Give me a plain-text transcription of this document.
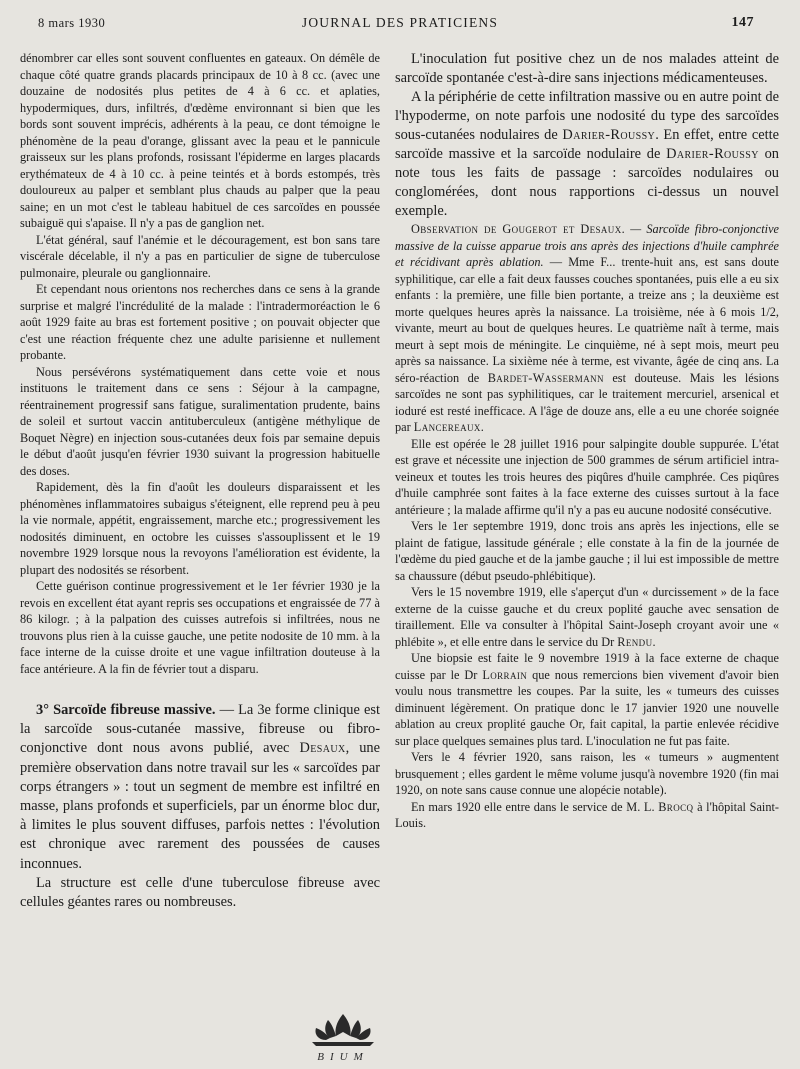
8 mars 1930	JOURNAL DES PRATICIENS	147

dénombrer car elles sont souvent confluentes en gateaux. On démêle de chaque côté quatre grands placards principaux de 10 à 8 cc. (avec une douzaine de nodosités plus petites de 4 à 6 cc. et aplaties, hypodermiques, durs, infiltrés, d'œdème environnant si bien que les bords sont souvent imprécis, adhérents à la peau, ce dont témoigne le phénomène de la peau d'orange, glissant avec la peau et le pannicule graisseux sur les plans profonds, rosissant l'épiderme en larges placards erythémateux de 4 à 10 cc. à peine teintés et à bords estompés, très douloureux au palper et semblant plus chauds au palper que la peau saine; en un mot c'est le tableau habituel de ces sarcoïdes en poussée subaiguë qui s'apaise. Il n'y a pas de ganglion net.

L'état général, sauf l'anémie et le découragement, est bon sans tare viscérale décelable, il n'y a pas en particulier de signe de tuberculose pulmonaire, pleurale ou ganglionnaire.

Et cependant nous orientons nos recherches dans ce sens à la grande surprise et malgré l'incrédulité de la malade : l'intradermoréaction le 6 août 1929 faite au bras est fortement positive ; on pouvait objecter que c'est une réaction fréquente chez une adulte parisienne et nullement probante.

Nous persévérons systématiquement dans cette voie et nous instituons le traitement dans ce sens : Séjour à la campagne, réentrainement progressif sans fatigue, suralimentation prudente, bains de soleil et surtout vaccin antituberculeux (antigène méthylique de Boquet Nègre) en injection sous-cutanées deux fois par semaine depuis le début d'août jusqu'en février 1930 suivant la progression habituelle des doses.

Rapidement, dès la fin d'août les douleurs disparaissent et les phénomènes inflammatoires subaigus s'éteignent, elle reprend peu à peu la vie normale, appétit, engraissement, marche etc.; progressivement les nodosités diminuent, en octobre les cuisses s'assouplissent et le 19 novembre 1929 lorsque nous la revoyons l'amélioration est évidente, la plupart des nodosités se résorbent.

Cette guérison continue progressivement et le 1er février 1930 je la revois en excellent état ayant repris ses occupations et engraissée de 77 à 86 kilogr. ; à la palpation des cuisses autrefois si infiltrées, nous ne trouvons plus rien à la cuisse gauche, une petite nodosite de 10 mm. à la face interne de la cuisse droite et une vague infiltration douteuse à la face antérieure. A la fin de février tout a disparu.

3° Sarcoïde fibreuse massive. — La 3e forme clinique est la sarcoïde sous-cutanée massive, fibreuse ou fibro-conjonctive dont nous avons publié, avec Desaux, une première observation dans notre travail sur les « sarcoïdes par corps étrangers » : tout un segment de membre est infiltré en masse, plans profonds et superficiels, par un énorme bloc dur, à limites le plus souvent diffuses, parfois nettes : l'évolution est chronique avec rarement des poussées de causes inconnues.

La structure est celle d'une tuberculose fibreuse avec cellules géantes rares ou nombreuses.

L'inoculation fut positive chez un de nos malades atteint de sarcoïde spontanée c'est-à-dire sans injections médicamenteuses.

A la périphérie de cette infiltration massive ou en autre point de l'hypoderme, on note parfois une nodosité du type des sarcoïdes sous-cutanées nodulaires de Darier-Roussy. En effet, entre cette sarcoïde massive et la sarcoïde nodulaire de Darier-Roussy on note tous les faits de passage : sarcoïdes nodulaires ou conglomérées, dont nous rapportions ci-dessus un nouvel exemple.

Observation de Gougerot et Desaux. — Sarcoïde fibro-conjonctive massive de la cuisse apparue trois ans après des injections d'huile camphrée et récidivant après ablation. — Mme F... trente-huit ans, est sans doute syphilitique, car elle a fait deux fausses couches spontanées, puis elle a eu six enfants : la première, une fille bien portante, a treize ans ; la deuxième est morte quelques heures après la naissance. La troisième, née à 6 mois 1/2, vivante, meurt au bout de quelques heures. Le quatrième naît à terme, mais meurt à sept mois de méningite. Le cinquième, né à sept mois, meurt peu après sa naissance. La sixième née à terme, est vivante, âgée de cinq ans. La séro-réaction de Bardet-Wassermann est douteuse. Mais les lésions sarcoïdes ne sont pas syphilitiques, car le traitement mercuriel, arsenical et ioduré est resté inefficace. A l'âge de douze ans, elle a eu une chorée soignée par Lancereaux.

Elle est opérée le 28 juillet 1916 pour salpingite double suppurée. L'état est grave et nécessite une injection de 500 grammes de sérum artificiel intra-veineux et toutes les trois heures des piqûres d'huile camphrée. Ces piqûres d'huile camphrée sont faites à la face externe des cuisses surtout à la face antérieure ; la malade affirme qu'il n'y a pas eu aucune nodosité consécutive.

Vers le 1er septembre 1919, donc trois ans après les injections, elle se plaint de fatigue, lassitude générale ; elle constate à la fin de la journée de l'œdème du pied gauche et de la jambe gauche ; il lui est impossible de mettre sa chaussure (début pseudo-phlébitique).

Vers le 15 novembre 1919, elle s'aperçut d'un « durcissement » de la face externe de la cuisse gauche et du creux poplité gauche avec sensation de tiraillement. Elle va consulter à l'hôpital Saint-Joseph croyant avoir une « phlébite », et elle entre dans le service du Dr Rendu.

Une biopsie est faite le 9 novembre 1919 à la face externe de chaque cuisse par le Dr Lorrain que nous remercions bien vivement d'avoir bien voulu nous transmettre les coupes. Par la suite, les « tumeurs des cuisses diminuent légèrement. On pratique donc le 17 janvier 1920 une nouvelle ablation au creux proplité gauche Or, fait capital, la partie enlevée récidive sur place quelques semaines plus tard. L'inoculation ne fut pas faite.

Vers le 4 février 1920, sans raison, les « tumeurs » augmentent brusquement ; elles gardent le même volume jusqu'à novembre 1920 (fin mai 1920, on note sans cause connue une alopécie notable).

En mars 1920 elle entre dans le service de M. L. Brocq à l'hôpital Saint-Louis.

BIUM
